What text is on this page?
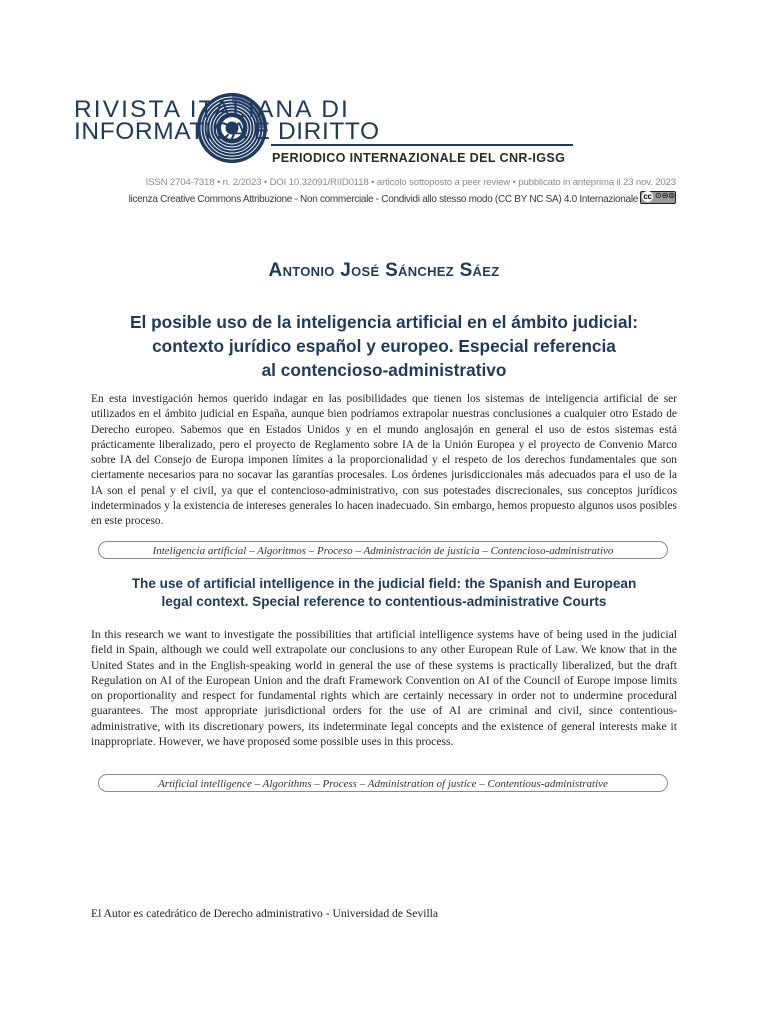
RIVISTA ITALIANA DI
INFORMATICA E DIRITTO
PERIODICO INTERNAZIONALE DEL CNR-IGSG
ISSN 2704-7318 • n. 2/2023 • DOI 10.32091/RIID0118 • articolo sottoposto a peer review • pubblicato in anteprima il 23 nov. 2023
licenza Creative Commons Attribuzione - Non commerciale - Condividi allo stesso modo (CC BY NC SA) 4.0 Internazionalecc ⊙⊖⊜
Antonio José Sánchez Sáez
El posible uso de la inteligencia artificial en el ámbito judicial:
contexto jurídico español y europeo. Especial referencia
al contencioso-administrativo
En esta investigación hemos querido indagar en las posibilidades que tienen los sistemas de inteligencia artificial de ser utilizados en el ámbito judicial en España, aunque bien podríamos extrapolar nuestras conclusiones a cualquier otro Estado de Derecho europeo. Sabemos que en Estados Unidos y en el mundo anglosajón en general el uso de estos sistemas está prácticamente liberalizado, pero el proyecto de Reglamento sobre IA de la Unión Europea y el proyecto de Convenio Marco sobre IA del Consejo de Europa imponen límites a la proporcionalidad y el respeto de los derechos fundamentales que son ciertamente necesarios para no socavar las garantías procesales. Los órdenes jurisdiccionales más adecuados para el uso de la IA son el penal y el civil, ya que el contencioso-administrativo, con sus potestades discrecionales, sus conceptos jurídicos indeterminados y la existencia de intereses generales lo hacen inadecuado. Sin embargo, hemos propuesto algunos usos posibles en este proceso.
Inteligencia artificial – Algoritmos – Proceso – Administración de justicia – Contencioso-administrativo
The use of artificial intelligence in the judicial field: the Spanish and European
legal context. Special reference to contentious-administrative Courts
In this research we want to investigate the possibilities that artificial intelligence systems have of being used in the judicial field in Spain, although we could well extrapolate our conclusions to any other European Rule of Law. We know that in the United States and in the English-speaking world in general the use of these systems is practically liberalized, but the draft Regulation on AI of the European Union and the draft Framework Convention on AI of the Council of Europe impose limits on proportionality and respect for fundamental rights which are certainly necessary in order not to undermine procedural guarantees. The most appropriate jurisdictional orders for the use of AI are criminal and civil, since contentious-administrative, with its discretionary powers, its indeterminate legal concepts and the existence of general interests make it inappropriate. However, we have proposed some possible uses in this process.
Artificial intelligence – Algorithms – Process – Administration of justice – Contentious-administrative
El Autor es catedrático de Derecho administrativo - Universidad de Sevilla
